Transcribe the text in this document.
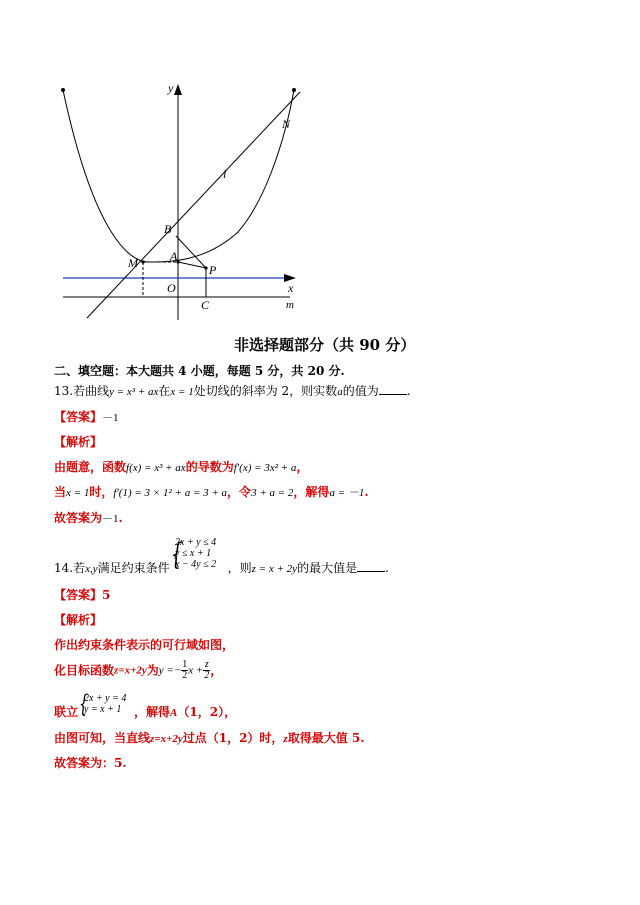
y
x
m
l
N
B
A
M	P
O
C
非选择题部分（共 90 分）
二、填空题：本大题共 4 小题，每题 5 分，共 20 分.
13.若曲线y = x³ + ax在x = 1处切线的斜率为 2，则实数a的值为 .
【答案】－1
【解析】
由题意，函数f(x) = x³ + ax的导数为f′(x) = 3x² + a，
当x = 1时，f′(1) = 3 × 1² + a = 3 + a，令3 + a = 2，解得a = －1.
故答案为－1.
{
2x + y ≤ 4
y ≤ x + 1
x − 4y ≤ 2
14.若x,y满足约束条件	，则z = x + 2y的最大值是 .
【答案】5
【解析】
作出约束条件表示的可行域如图，
化目标函数z=x+2y为$y =- \frac{1}{2}$ $x + \frac{z}{2}$ ，
{
2x + y = 4
y = x + 1
联立	，解得A（1，2），
由图可知，当直线z=x+2y过点（1，2）时，z取得最大值 5.
故答案为：5.
